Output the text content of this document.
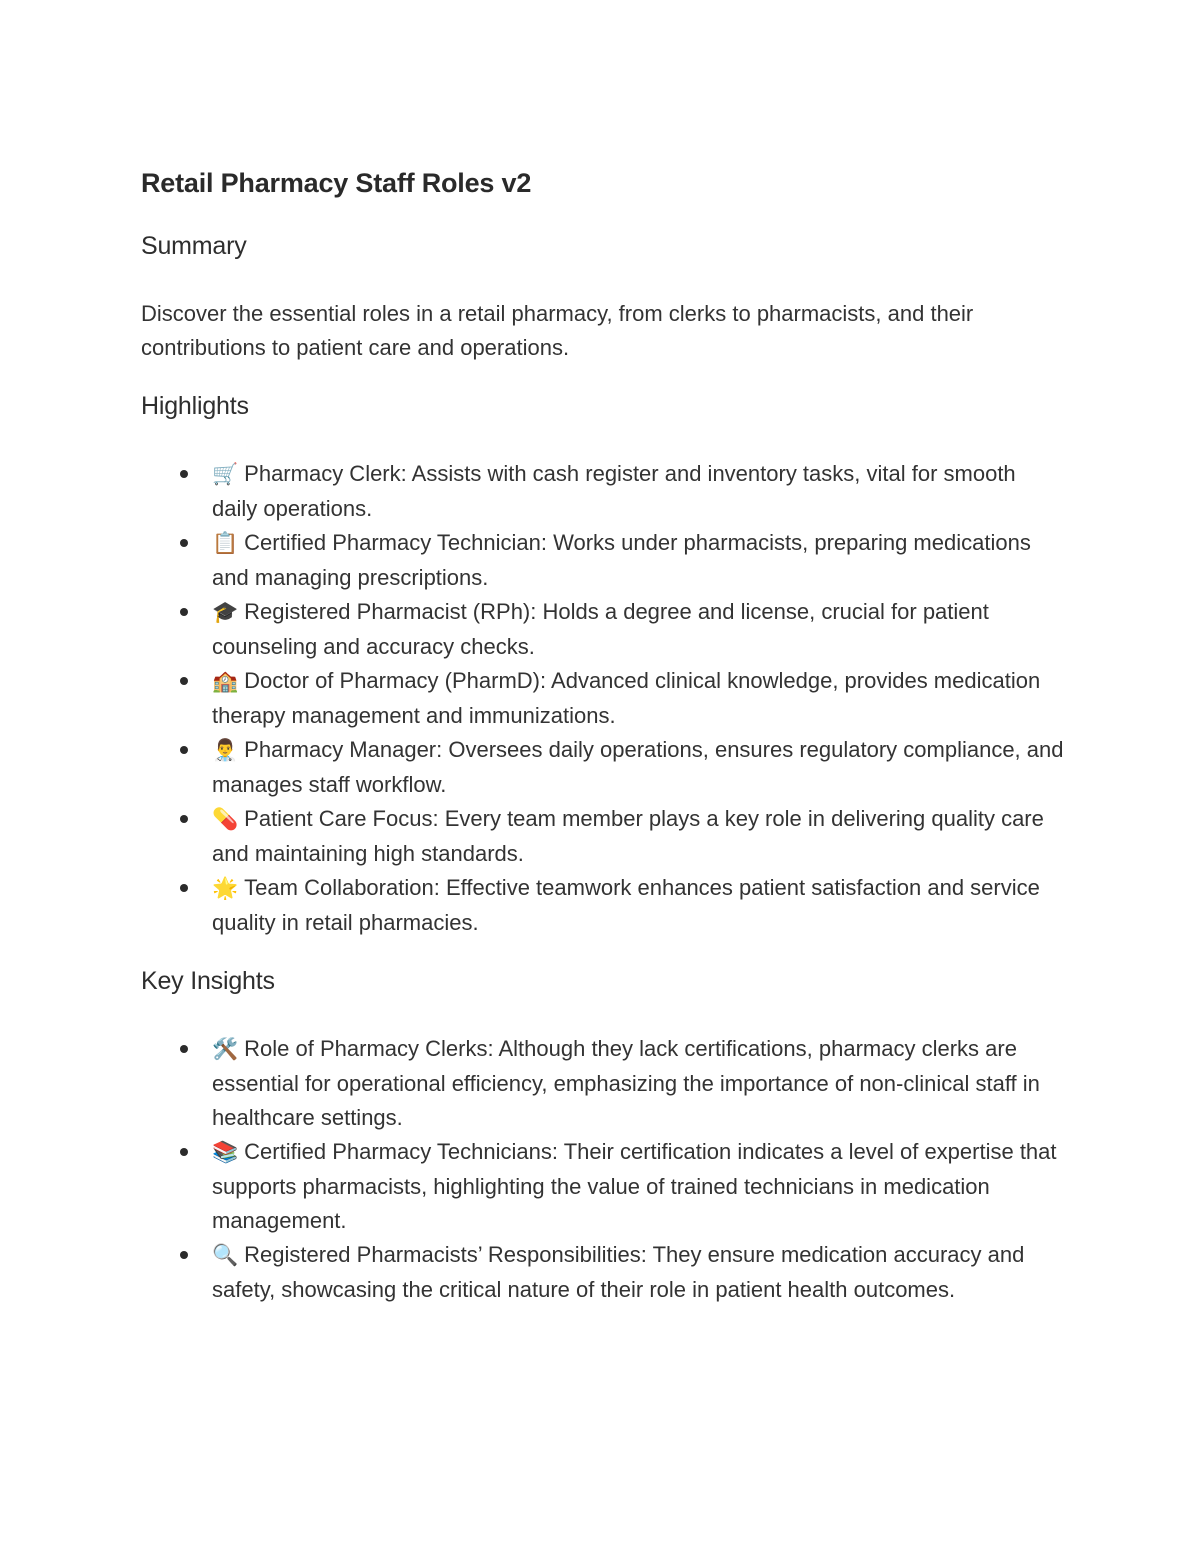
Retail Pharmacy Staff Roles v2
Summary

Discover the essential roles in a retail pharmacy, from clerks to pharmacists, and their contributions to patient care and operations.

Highlights
🛒 Pharmacy Clerk: Assists with cash register and inventory tasks, vital for smooth daily operations.
📋 Certified Pharmacy Technician: Works under pharmacists, preparing medications and managing prescriptions.
🎓 Registered Pharmacist (RPh): Holds a degree and license, crucial for patient counseling and accuracy checks.
🏫 Doctor of Pharmacy (PharmD): Advanced clinical knowledge, provides medication therapy management and immunizations.
👨‍⚕️ Pharmacy Manager: Oversees daily operations, ensures regulatory compliance, and manages staff workflow.
💊 Patient Care Focus: Every team member plays a key role in delivering quality care and maintaining high standards.
🌟 Team Collaboration: Effective teamwork enhances patient satisfaction and service quality in retail pharmacies.
Key Insights
🛠️ Role of Pharmacy Clerks: Although they lack certifications, pharmacy clerks are essential for operational efficiency, emphasizing the importance of non-clinical staff in healthcare settings.
📚 Certified Pharmacy Technicians: Their certification indicates a level of expertise that supports pharmacists, highlighting the value of trained technicians in medication management.
🔍 Registered Pharmacists’ Responsibilities: They ensure medication accuracy and safety, showcasing the critical nature of their role in patient health outcomes.
